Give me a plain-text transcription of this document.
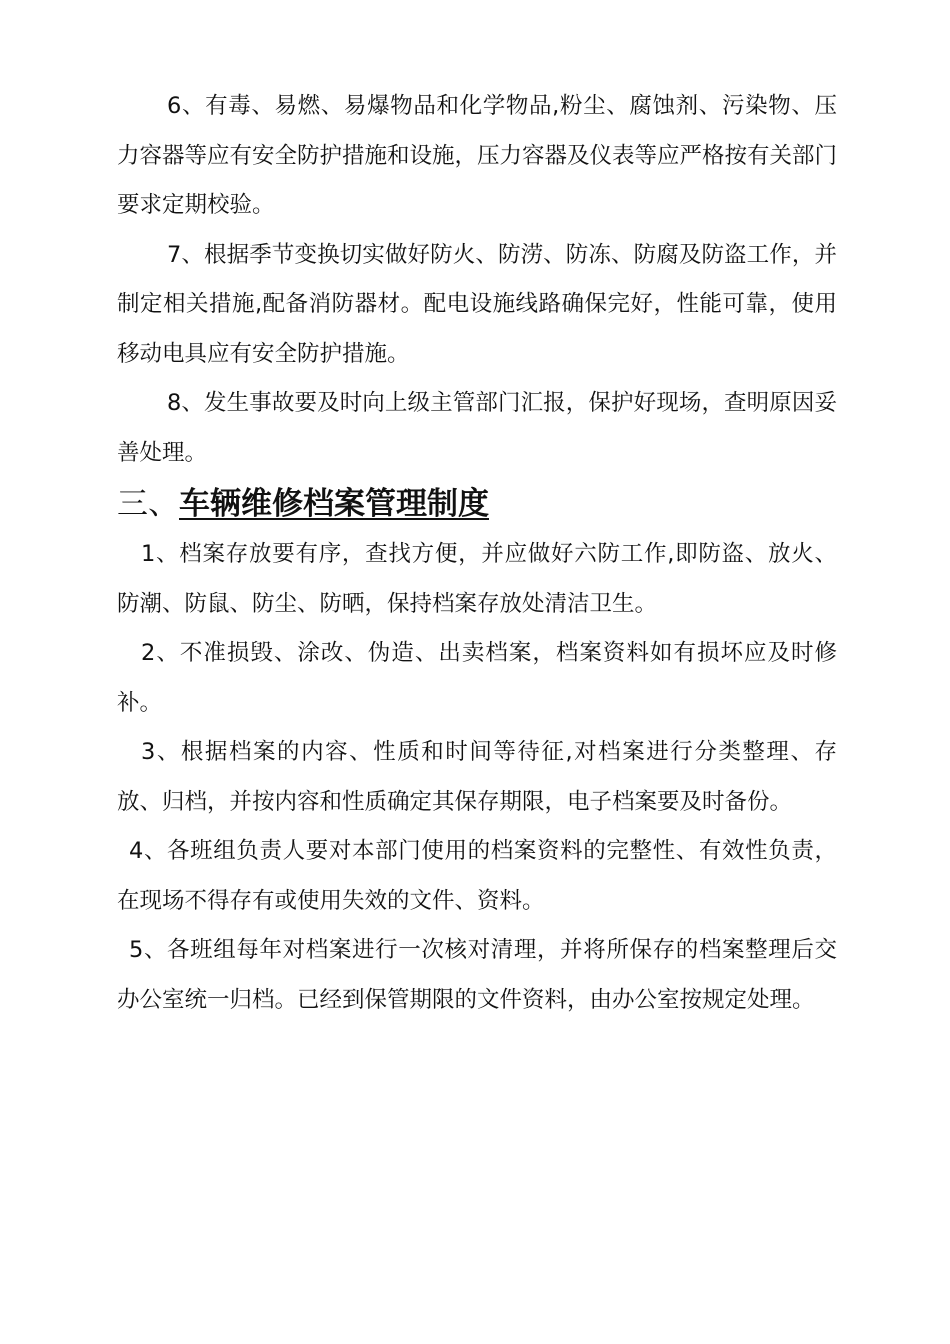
6、有毒、易燃、易爆物品和化学物品,粉尘、腐蚀剂、污染物、压力容器等应有安全防护措施和设施，压力容器及仪表等应严格按有关部门要求定期校验。

7、根据季节变换切实做好防火、防涝、防冻、防腐及防盗工作，并制定相关措施,配备消防器材。配电设施线路确保完好，性能可靠，使用移动电具应有安全防护措施。

8、发生事故要及时向上级主管部门汇报，保护好现场，查明原因妥善处理。

三、车辆维修档案管理制度

1、档案存放要有序，查找方便，并应做好六防工作,即防盗、放火、防潮、防鼠、防尘、防晒，保持档案存放处清洁卫生。

2、不准损毁、涂改、伪造、出卖档案，档案资料如有损坏应及时修补。

3、根据档案的内容、性质和时间等待征,对档案进行分类整理、存放、归档，并按内容和性质确定其保存期限，电子档案要及时备份。

4、各班组负责人要对本部门使用的档案资料的完整性、有效性负责，在现场不得存有或使用失效的文件、资料。

5、各班组每年对档案进行一次核对清理，并将所保存的档案整理后交办公室统一归档。已经到保管期限的文件资料，由办公室按规定处理。
